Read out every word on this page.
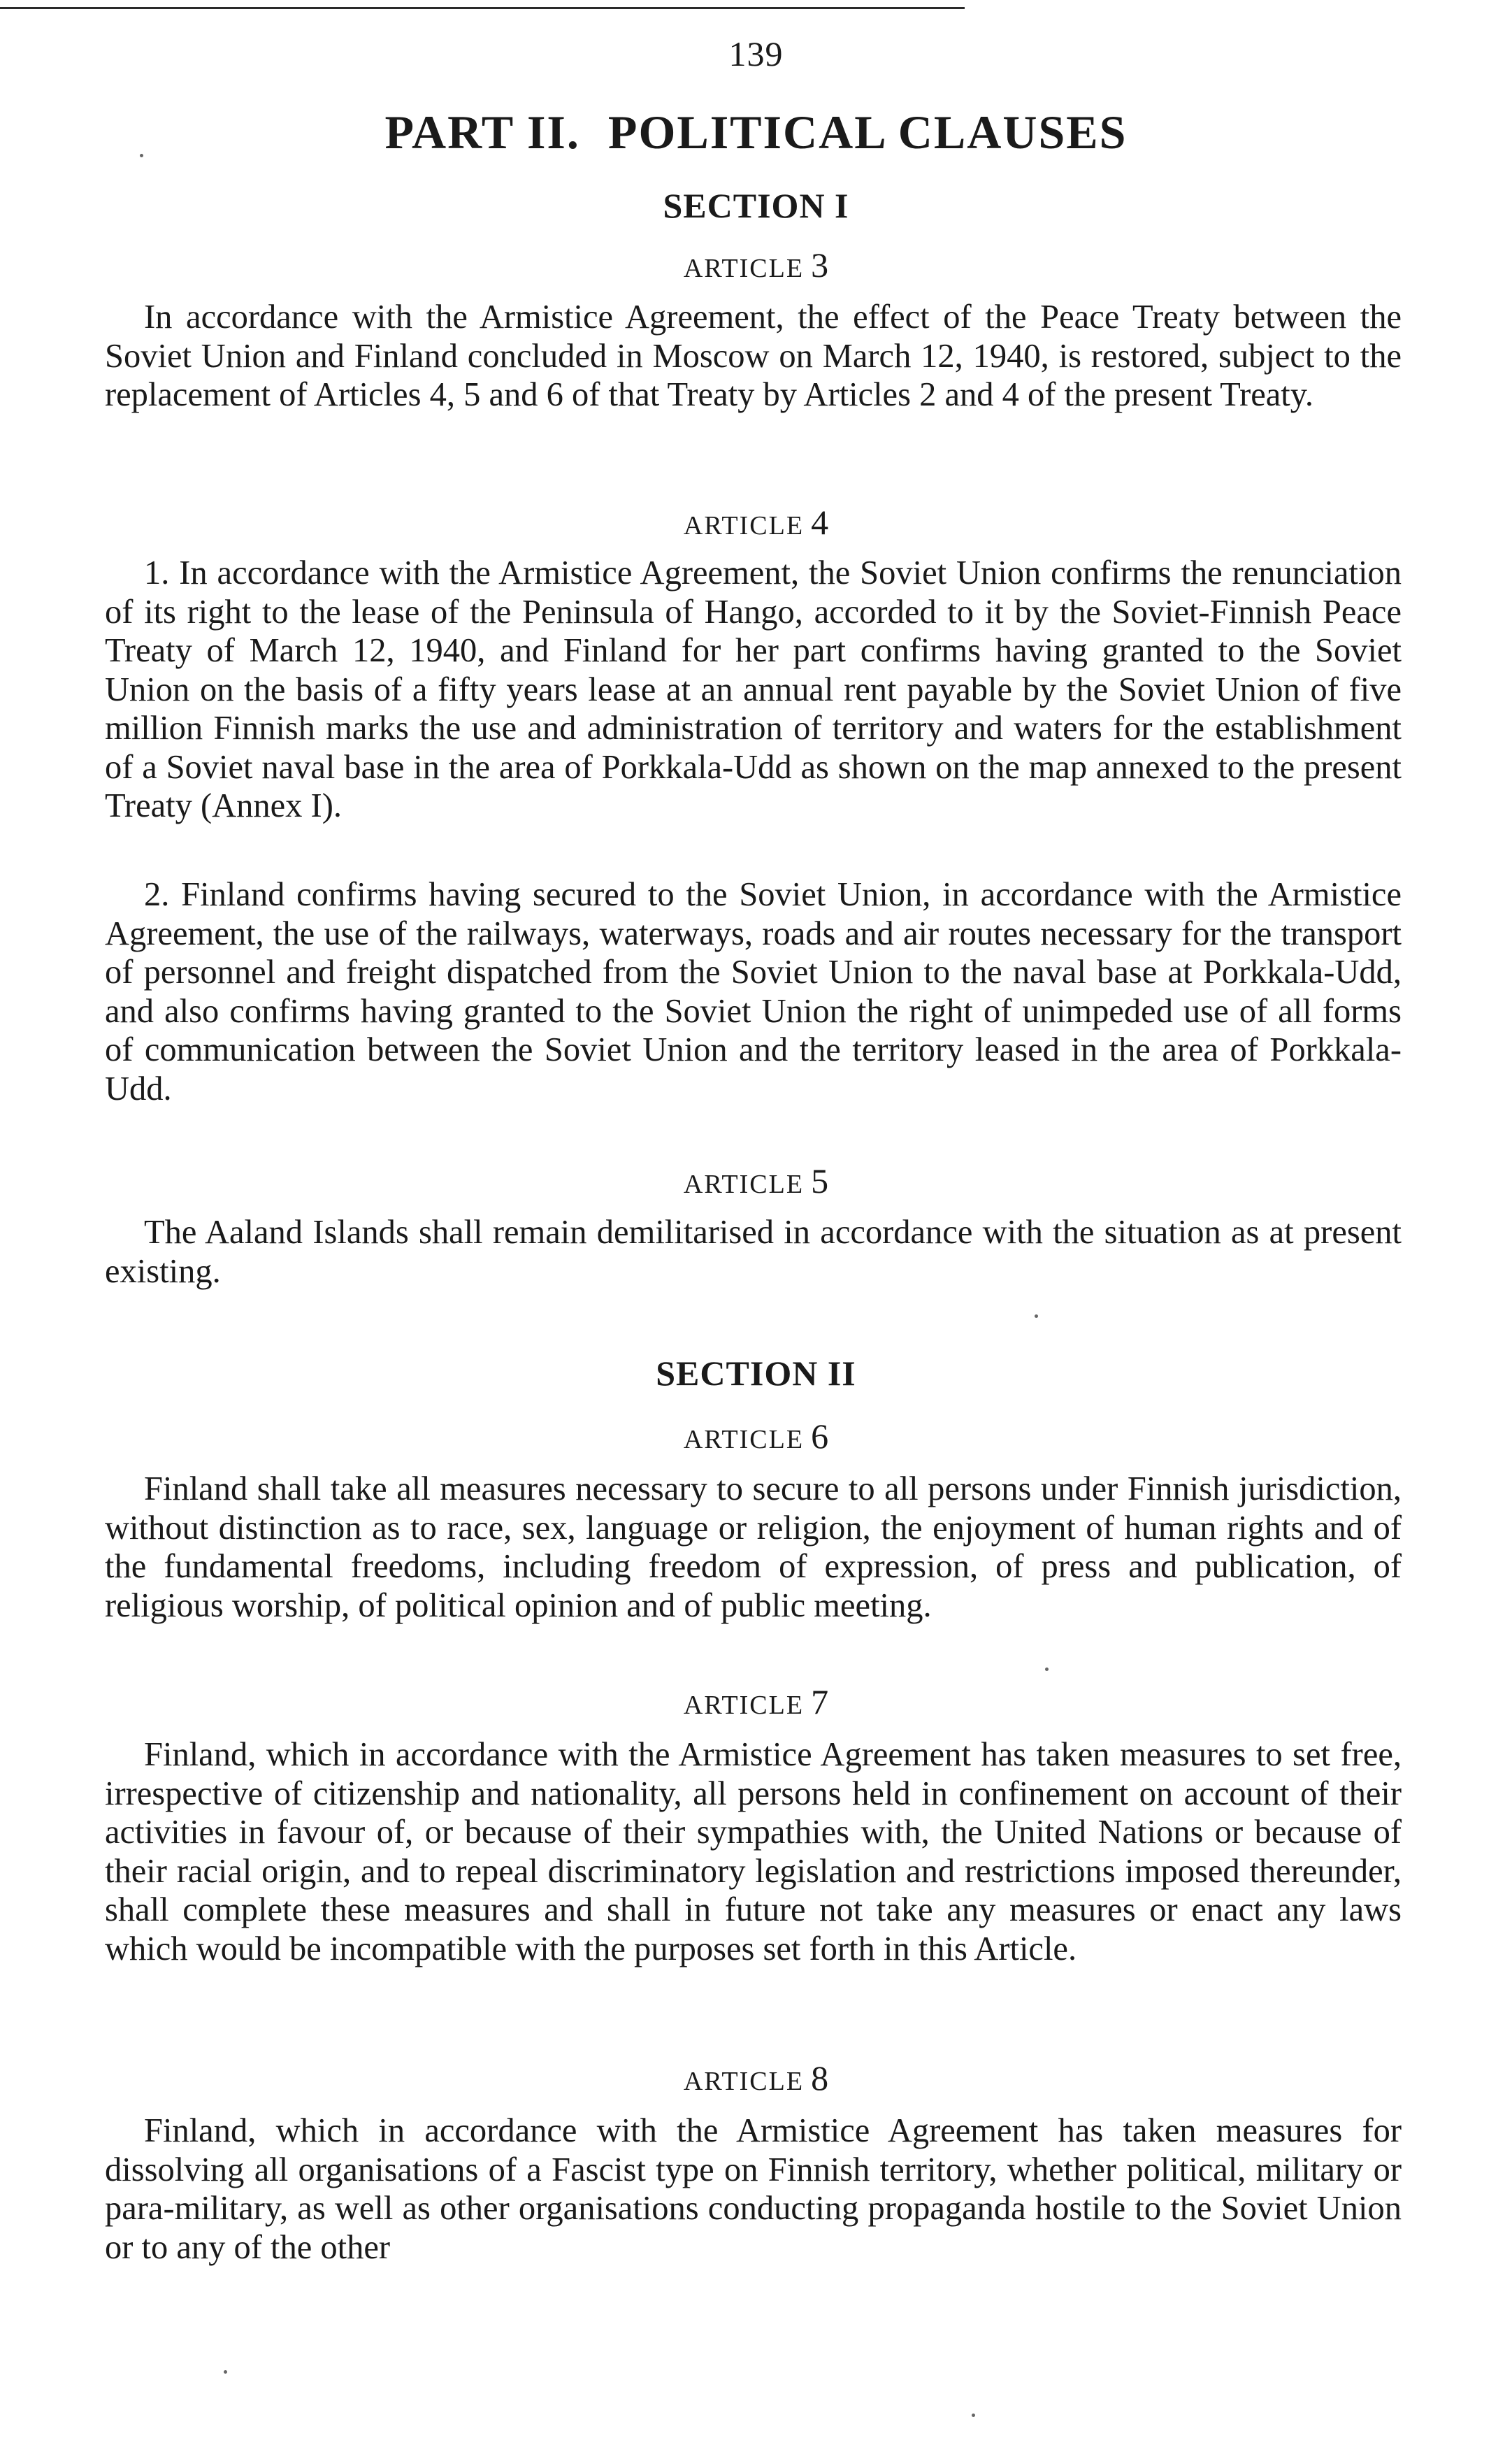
139
PART II. POLITICAL CLAUSES
SECTION I
ARTICLE 3

In accordance with the Armistice Agreement, the effect of the Peace Treaty between the Soviet Union and Finland concluded in Moscow on March 12, 1940, is restored, subject to the replacement of Articles 4, 5 and 6 of that Treaty by Articles 2 and 4 of the present Treaty.

ARTICLE 4

1. In accordance with the Armistice Agreement, the Soviet Union confirms the renunciation of its right to the lease of the Peninsula of Hango, accorded to it by the Soviet-Finnish Peace Treaty of March 12, 1940, and Finland for her part confirms having granted to the Soviet Union on the basis of a fifty years lease at an annual rent payable by the Soviet Union of five million Finnish marks the use and administration of territory and waters for the establishment of a Soviet naval base in the area of Porkkala-Udd as shown on the map annexed to the present Treaty (Annex I).

2. Finland confirms having secured to the Soviet Union, in accordance with the Armistice Agreement, the use of the railways, waterways, roads and air routes necessary for the transport of personnel and freight dispatched from the Soviet Union to the naval base at Porkkala-Udd, and also confirms having granted to the Soviet Union the right of unimpeded use of all forms of communication between the Soviet Union and the territory leased in the area of Porkkala-Udd.

ARTICLE 5

The Aaland Islands shall remain demilitarised in accordance with the situation as at present existing.

SECTION II
ARTICLE 6

Finland shall take all measures necessary to secure to all persons under Finnish jurisdiction, without distinction as to race, sex, language or religion, the enjoyment of human rights and of the fundamental freedoms, including freedom of expression, of press and publication, of religious worship, of political opinion and of public meeting.

ARTICLE 7

Finland, which in accordance with the Armistice Agreement has taken measures to set free, irrespective of citizenship and nationality, all persons held in confinement on account of their activities in favour of, or because of their sympathies with, the United Nations or because of their racial origin, and to repeal discriminatory legislation and restrictions imposed thereunder, shall complete these measures and shall in future not take any measures or enact any laws which would be incompatible with the purposes set forth in this Article.

ARTICLE 8

Finland, which in accordance with the Armistice Agreement has taken measures for dissolving all organisations of a Fascist type on Finnish territory, whether political, military or para-military, as well as other organisations conducting propaganda hostile to the Soviet Union or to any of the other
